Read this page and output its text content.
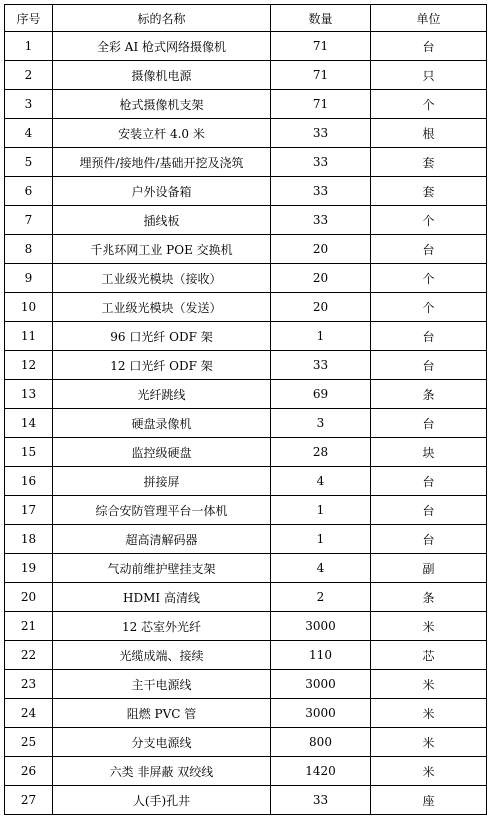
序号	标的名称	数量	单位
1	全彩 AI 枪式网络摄像机	71	台
2	摄像机电源	71	只
3	枪式摄像机支架	71	个
4	安装立杆 4.0 米	33	根
5	埋预件/接地件/基础开挖及浇筑	33	套
6	户外设备箱	33	套
7	插线板	33	个
8	千兆环网工业 POE 交换机	20	台
9	工业级光模块（接收）	20	个
10	工业级光模块（发送）	20	个
11	96 口光纤 ODF 架	1	台
12	12 口光纤 ODF 架	33	台
13	光纤跳线	69	条
14	硬盘录像机	3	台
15	监控级硬盘	28	块
16	拼接屏	4	台
17	综合安防管理平台一体机	1	台
18	超高清解码器	1	台
19	气动前维护壁挂支架	4	副
20	HDMI 高清线	2	条
21	12 芯室外光纤	3000	米
22	光缆成端、接续	110	芯
23	主干电源线	3000	米
24	阻燃 PVC 管	3000	米
25	分支电源线	800	米
26	六类 非屏蔽 双绞线	1420	米
27	人(手)孔井	33	座
